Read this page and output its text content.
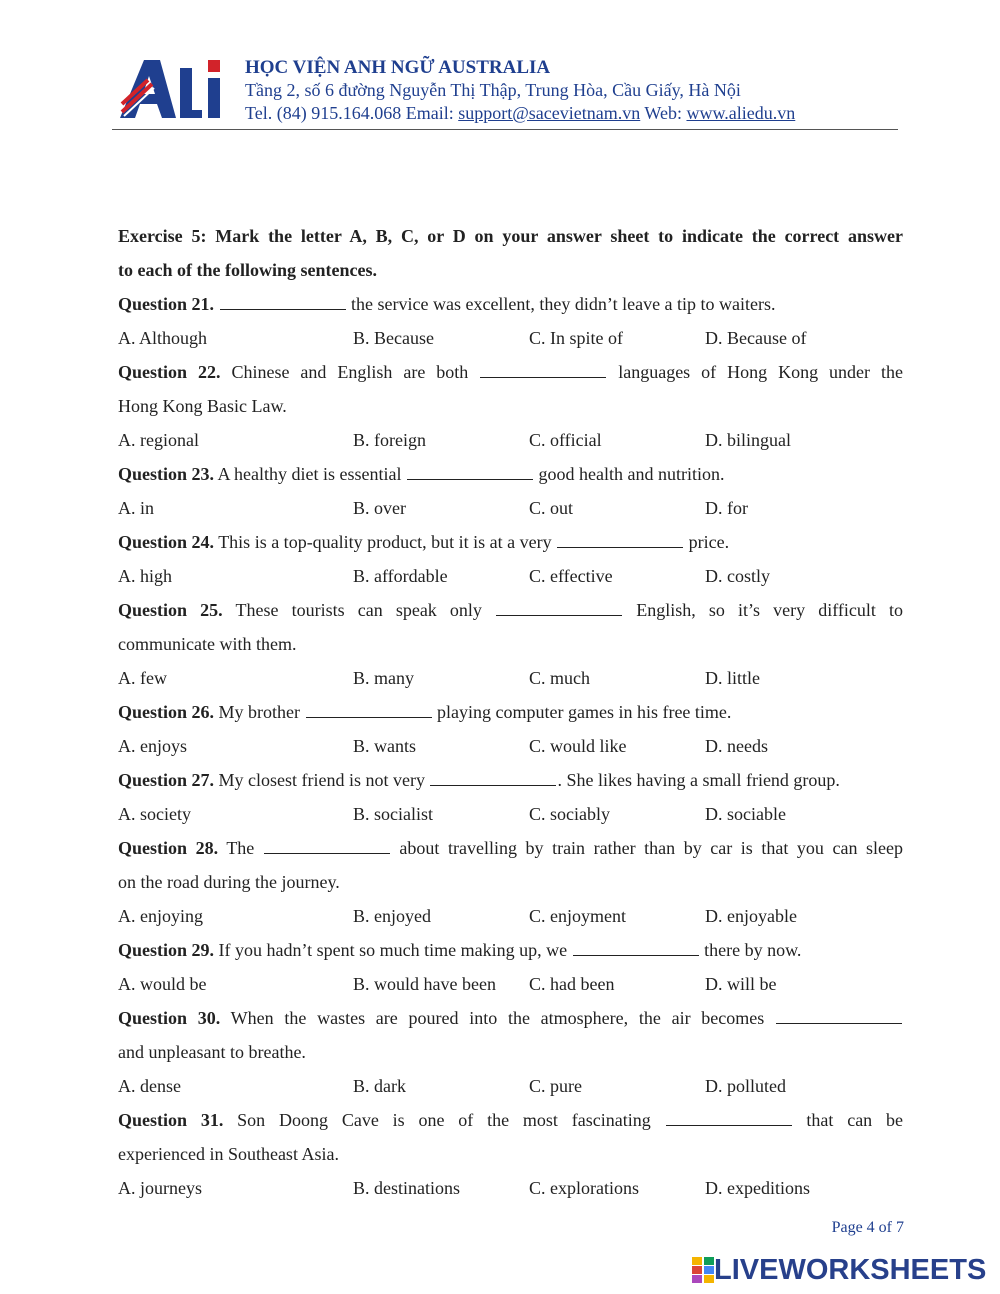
HỌC VIỆN ANH NGỮ AUSTRALIA
Tầng 2, số 6 đường Nguyễn Thị Thập, Trung Hòa, Cầu Giấy, Hà Nội
Tel. (84) 915.164.068 Email: support@sacevietnam.vn Web: www.aliedu.vn
Exercise 5: Mark the letter A, B, C, or D on your answer sheet to indicate the correct answer
to each of the following sentences.
Question 21.	the service was excellent, they didn’t leave a tip to waiters.
A. Although	B. Because	C. In spite of	D. Because of
Question 22. Chinese and English are both	languages of Hong Kong under the
Hong Kong Basic Law.
A. regional	B. foreign	C. official	D. bilingual
Question 23. A healthy diet is essential	good health and nutrition.
A. in	B. over	C. out	D. for
Question 24. This is a top-quality product, but it is at a very	price.
A. high	B. affordable	C. effective	D. costly
Question 25. These tourists can speak only	English, so it’s very difficult to
communicate with them.
A. few	B. many	C. much	D. little
Question 26. My brother	playing computer games in his free time.
A. enjoys	B. wants	C. would like	D. needs
Question 27. My closest friend is not very	. She likes having a small friend group.
A. society	B. socialist	C. sociably	D. sociable
Question 28. The	about travelling by train rather than by car is that you can sleep
on the road during the journey.
A. enjoying	B. enjoyed	C. enjoyment	D. enjoyable
Question 29. If you hadn’t spent so much time making up, we	there by now.
A. would be	B. would have been	C. had been	D. will be
Question 30. When the wastes are poured into the atmosphere, the air becomes
and unpleasant to breathe.
A. dense	B. dark	C. pure	D. polluted
Question 31. Son Doong Cave is one of the most fascinating	that can be
experienced in Southeast Asia.
A. journeys	B. destinations	C. explorations	D. expeditions
Page 4 of 7
LIVEWORKSHEETS
